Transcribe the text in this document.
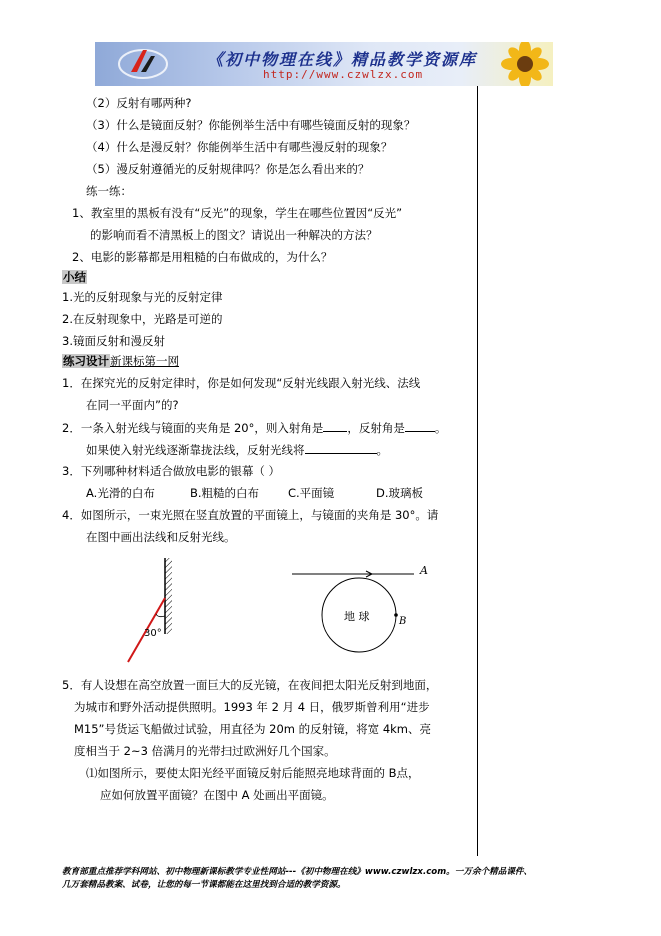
《初中物理在线》精品教学资源库
http://www.czwlzx.com
（2）反射有哪两种?
（3）什么是镜面反射？你能例举生活中有哪些镜面反射的现象？
（4）什么是漫反射？你能例举生活中有哪些漫反射的现象？
（5）漫反射遵循光的反射规律吗？你是怎么看出来的？
练一练：
1、教室里的黑板有没有“反光”的现象，学生在哪些位置因“反光”
的影响而看不清黑板上的图文？请说出一种解决的方法？
2、电影的影幕都是用粗糙的白布做成的，为什么？
小结
1.光的反射现象与光的反射定律
2.在反射现象中，光路是可逆的
3.镜面反射和漫反射
练习设计新课标第一网
1．在探究光的反射定律时，你是如何发现“反射光线跟入射光线、法线
在同一平面内”的?
2．一条入射光线与镜面的夹角是 20°，则入射角是 ，反射角是	。
如果使入射光线逐渐靠拢法线，反射光线将	。
3．下列哪种材料适合做放电影的银幕（ ）
A.光滑的白布	B.粗糙的白布	C.平面镜	D.玻璃板
4．如图所示，一束光照在竖直放置的平面镜上，与镜面的夹角是 30°。请
在图中画出法线和反射光线。
30°
A
地 球	B
5．有人设想在高空放置一面巨大的反光镜，在夜间把太阳光反射到地面，
为城市和野外活动提供照明。1993 年 2 月 4 日，俄罗斯曾利用“进步
M15”号货运飞船做过试验，用直径为 20m 的反射镜，将宽 4km、亮
度相当于 2~3 倍满月的光带扫过欧洲好几个国家。
⑴如图所示，要使太阳光经平面镜反射后能照亮地球背面的 B点，
应如何放置平面镜？在图中 A 处画出平面镜。
教育部重点推荐学科网站、初中物理新课标教学专业性网站---《初中物理在线》www.czwlzx.com。一万余个精品课件、
几万套精品教案、试卷，让您的每一节课都能在这里找到合适的教学资源。
